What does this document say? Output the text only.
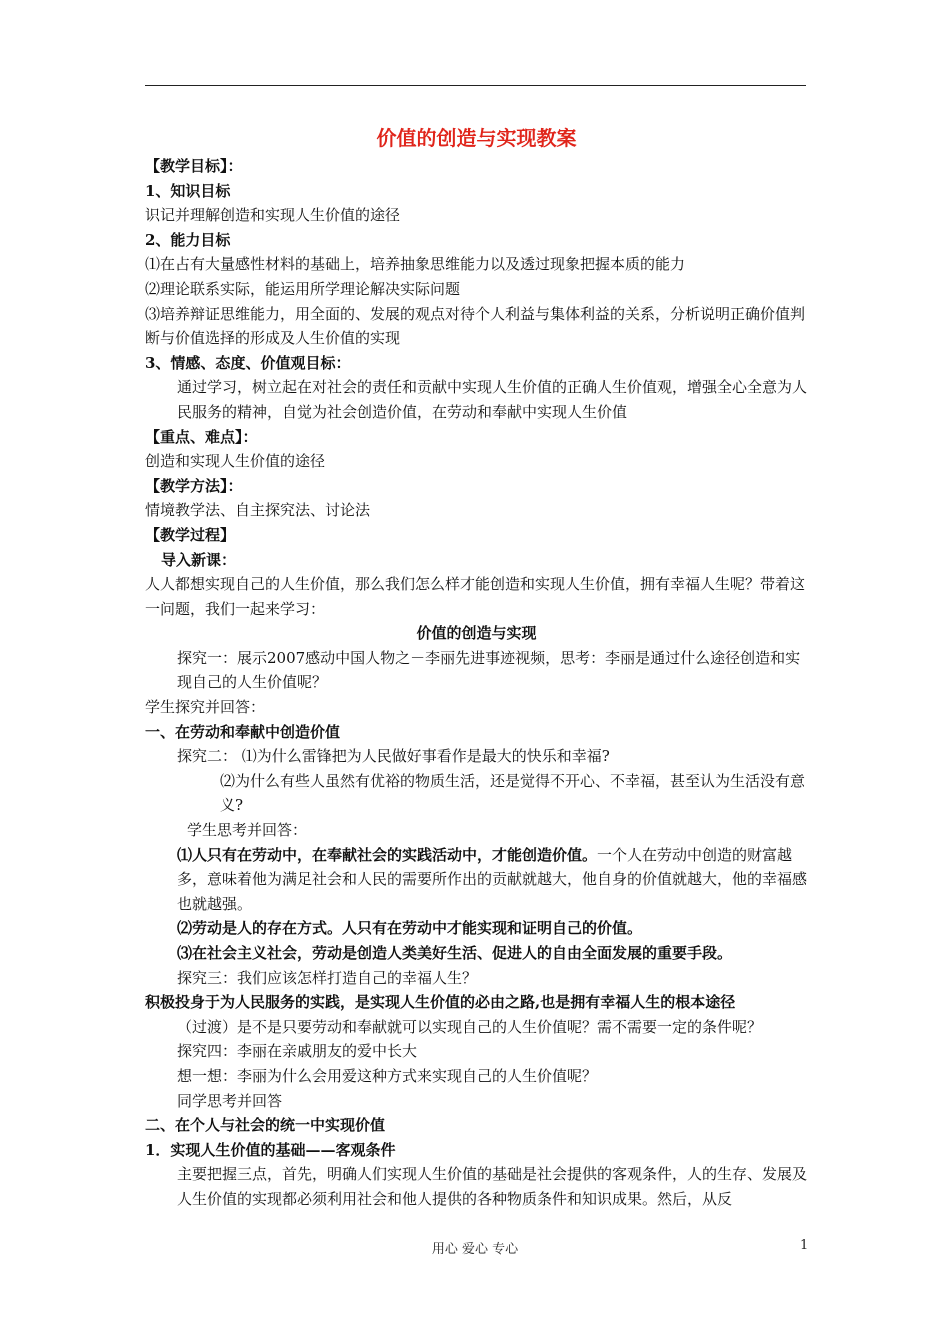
价值的创造与实现教案

【教学目标】：

1、知识目标

识记并理解创造和实现人生价值的途径

2、能力目标

⑴在占有大量感性材料的基础上，培养抽象思维能力以及透过现象把握本质的能力

⑵理论联系实际，能运用所学理论解决实际问题

⑶培养辩证思维能力，用全面的、发展的观点对待个人利益与集体利益的关系，分析说明正确价值判断与价值选择的形成及人生价值的实现

3、情感、态度、价值观目标：

通过学习，树立起在对社会的责任和贡献中实现人生价值的正确人生价值观，增强全心全意为人民服务的精神，自觉为社会创造价值，在劳动和奉献中实现人生价值

【重点、难点】：

创造和实现人生价值的途径

【教学方法】：

情境教学法、自主探究法、讨论法

【教学过程】

导入新课：

人人都想实现自己的人生价值，那么我们怎么样才能创造和实现人生价值，拥有幸福人生呢？带着这一问题，我们一起来学习：

价值的创造与实现

探究一：展示2007感动中国人物之－李丽先进事迹视频，思考：李丽是通过什么途径创造和实现自己的人生价值呢？

学生探究并回答：

一、在劳动和奉献中创造价值

探究二： ⑴为什么雷锋把为人民做好事看作是最大的快乐和幸福?

⑵为什么有些人虽然有优裕的物质生活，还是觉得不开心、不幸福，甚至认为生活没有意义?

学生思考并回答：

⑴人只有在劳动中，在奉献社会的实践活动中，才能创造价值。一个人在劳动中创造的财富越多，意味着他为满足社会和人民的需要所作出的贡献就越大，他自身的价值就越大，他的幸福感也就越强。

⑵劳动是人的存在方式。人只有在劳动中才能实现和证明自己的价值。

⑶在社会主义社会，劳动是创造人类美好生活、促进人的自由全面发展的重要手段。

探究三：我们应该怎样打造自己的幸福人生？

积极投身于为人民服务的实践，是实现人生价值的必由之路,也是拥有幸福人生的根本途径

（过渡）是不是只要劳动和奉献就可以实现自己的人生价值呢？需不需要一定的条件呢？

探究四：李丽在亲戚朋友的爱中长大

想一想：李丽为什么会用爱这种方式来实现自己的人生价值呢？

同学思考并回答

二、在个人与社会的统一中实现价值

1．实现人生价值的基础——客观条件

主要把握三点，首先，明确人们实现人生价值的基础是社会提供的客观条件，人的生存、发展及人生价值的实现都必须利用社会和他人提供的各种物质条件和知识成果。然后，从反

用心 爱心 专心	1
